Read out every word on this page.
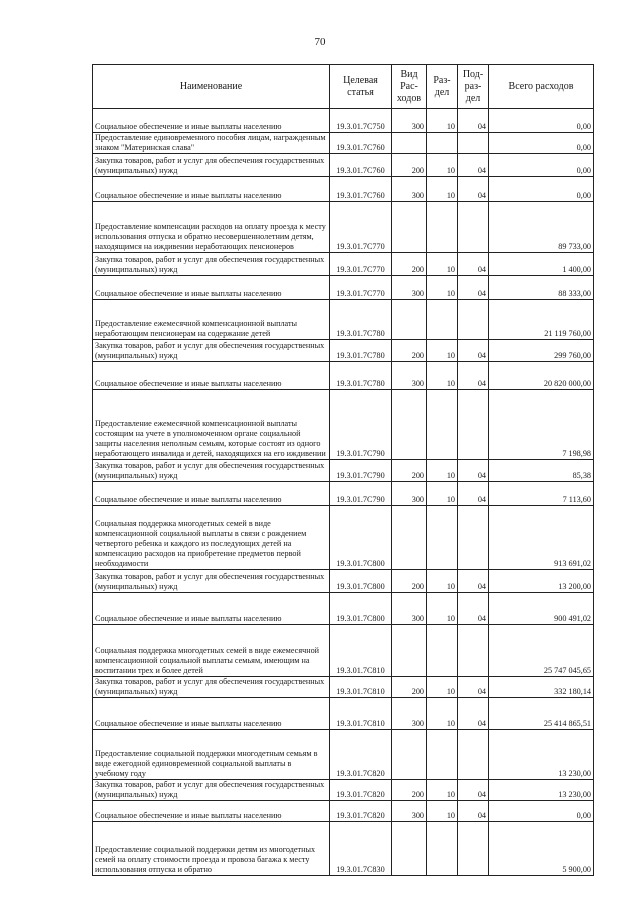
70
Наименование	Целевая статья	Вид Рас-ходов	Раз-дел	Под-раз-дел	Всего расходов
Социальное обеспечение и иные выплаты населению	19.3.01.7С750	300	10	04	0,00
Предоставление единовременного пособия лицам, награжденным знаком "Материнская слава"	19.3.01.7С760				0,00
Закупка товаров, работ и услуг для обеспечения государственных (муниципальных) нужд	19.3.01.7С760	200	10	04	0,00
Социальное обеспечение и иные выплаты населению	19.3.01.7С760	300	10	04	0,00
Предоставление компенсации расходов на оплату проезда к месту использования отпуска и обратно несовершеннолетним детям, находящимся на иждивении неработающих пенсионеров	19.3.01.7С770				89 733,00
Закупка товаров, работ и услуг для обеспечения государственных (муниципальных) нужд	19.3.01.7С770	200	10	04	1 400,00
Социальное обеспечение и иные выплаты населению	19.3.01.7С770	300	10	04	88 333,00
Предоставление ежемесячной компенсационной выплаты неработающим пенсионерам на содержание детей	19.3.01.7С780				21 119 760,00
Закупка товаров, работ и услуг для обеспечения государственных (муниципальных) нужд	19.3.01.7С780	200	10	04	299 760,00
Социальное обеспечение и иные выплаты населению	19.3.01.7С780	300	10	04	20 820 000,00
Предоставление ежемесячной компенсационной выплаты состоящим на учете в уполномоченном органе социальной защиты населения неполным семьям, которые состоят из одного неработающего инвалида и детей, находящихся на его иждивении	19.3.01.7С790				7 198,98
Закупка товаров, работ и услуг для обеспечения государственных (муниципальных) нужд	19.3.01.7С790	200	10	04	85,38
Социальное обеспечение и иные выплаты населению	19.3.01.7С790	300	10	04	7 113,60
Социальная поддержка многодетных семей в виде компенсационной социальной выплаты в связи с рождением четвертого ребенка и каждого из последующих детей на компенсацию расходов на приобретение предметов первой необходимости	19.3.01.7С800				913 691,02
Закупка товаров, работ и услуг для обеспечения государственных (муниципальных) нужд	19.3.01.7С800	200	10	04	13 200,00
Социальное обеспечение и иные выплаты населению	19.3.01.7С800	300	10	04	900 491,02
Социальная поддержка многодетных семей в виде ежемесячной компенсационной социальной выплаты семьям, имеющим на воспитании трех и более детей	19.3.01.7С810				25 747 045,65
Закупка товаров, работ и услуг для обеспечения государственных (муниципальных) нужд	19.3.01.7С810	200	10	04	332 180,14
Социальное обеспечение и иные выплаты населению	19.3.01.7С810	300	10	04	25 414 865,51
Предоставление социальной поддержки многодетным семьям в виде ежегодной единовременной социальной выплаты в учебному году	19.3.01.7С820				13 230,00
Закупка товаров, работ и услуг для обеспечения государственных (муниципальных) нужд	19.3.01.7С820	200	10	04	13 230,00
Социальное обеспечение и иные выплаты населению	19.3.01.7С820	300	10	04	0,00
Предоставление социальной поддержки детям из многодетных семей на оплату стоимости проезда и провоза багажа к месту использования отпуска и обратно	19.3.01.7С830				5 900,00
